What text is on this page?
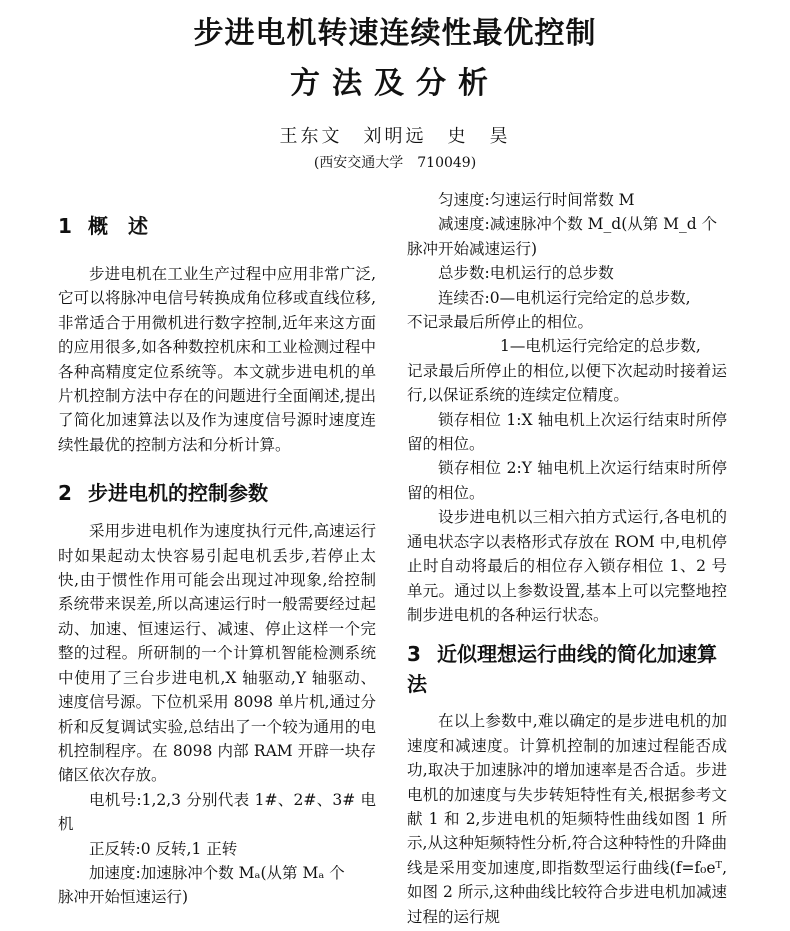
步进电机转速连续性最优控制
方法及分析
王东文　刘明远　史　昊
(西安交通大学　710049)
1 概　述

步进电机在工业生产过程中应用非常广泛,它可以将脉冲电信号转换成角位移或直线位移,非常适合于用微机进行数字控制,近年来这方面的应用很多,如各种数控机床和工业检测过程中各种高精度定位系统等。本文就步进电机的单片机控制方法中存在的问题进行全面阐述,提出了简化加速算法以及作为速度信号源时速度连续性最优的控制方法和分析计算。

2 步进电机的控制参数

采用步进电机作为速度执行元件,高速运行时如果起动太快容易引起电机丢步,若停止太快,由于惯性作用可能会出现过冲现象,给控制系统带来误差,所以高速运行时一般需要经过起动、加速、恒速运行、减速、停止这样一个完整的过程。所研制的一个计算机智能检测系统中使用了三台步进电机,X 轴驱动,Y 轴驱动、速度信号源。下位机采用 8098 单片机,通过分析和反复调试实验,总结出了一个较为通用的电机控制程序。在 8098 内部 RAM 开辟一块存储区依次存放。

电机号:1,2,3 分别代表 1#、2#、3# 电机

正反转:0 反转,1 正转

加速度:加速脉冲个数 Mₐ(从第 Mₐ 个

脉冲开始恒速运行)

匀速度:匀速运行时间常数 M

减速度:减速脉冲个数 M_d(从第 M_d 个

脉冲开始减速运行)

总步数:电机运行的总步数

连续否:0—电机运行完给定的总步数,

不记录最后所停止的相位。

1—电机运行完给定的总步数,

记录最后所停止的相位,以便下次起动时接着运行,以保证系统的连续定位精度。

锁存相位 1:X 轴电机上次运行结束时所停留的相位。

锁存相位 2:Y 轴电机上次运行结束时所停留的相位。

设步进电机以三相六拍方式运行,各电机的通电状态字以表格形式存放在 ROM 中,电机停止时自动将最后的相位存入锁存相位 1、2 号单元。通过以上参数设置,基本上可以完整地控制步进电机的各种运行状态。

3 近似理想运行曲线的简化加速算法

在以上参数中,难以确定的是步进电机的加速度和减速度。计算机控制的加速过程能否成功,取决于加速脉冲的增加速率是否合适。步进电机的加速度与失步转矩特性有关,根据参考文献 1 和 2,步进电机的矩频特性曲线如图 1 所示,从这种矩频特性分析,符合这种特性的升降曲线是采用变加速度,即指数型运行曲线(f=f₀eᵀ,如图 2 所示,这种曲线比较符合步进电机加减速过程的运行规
